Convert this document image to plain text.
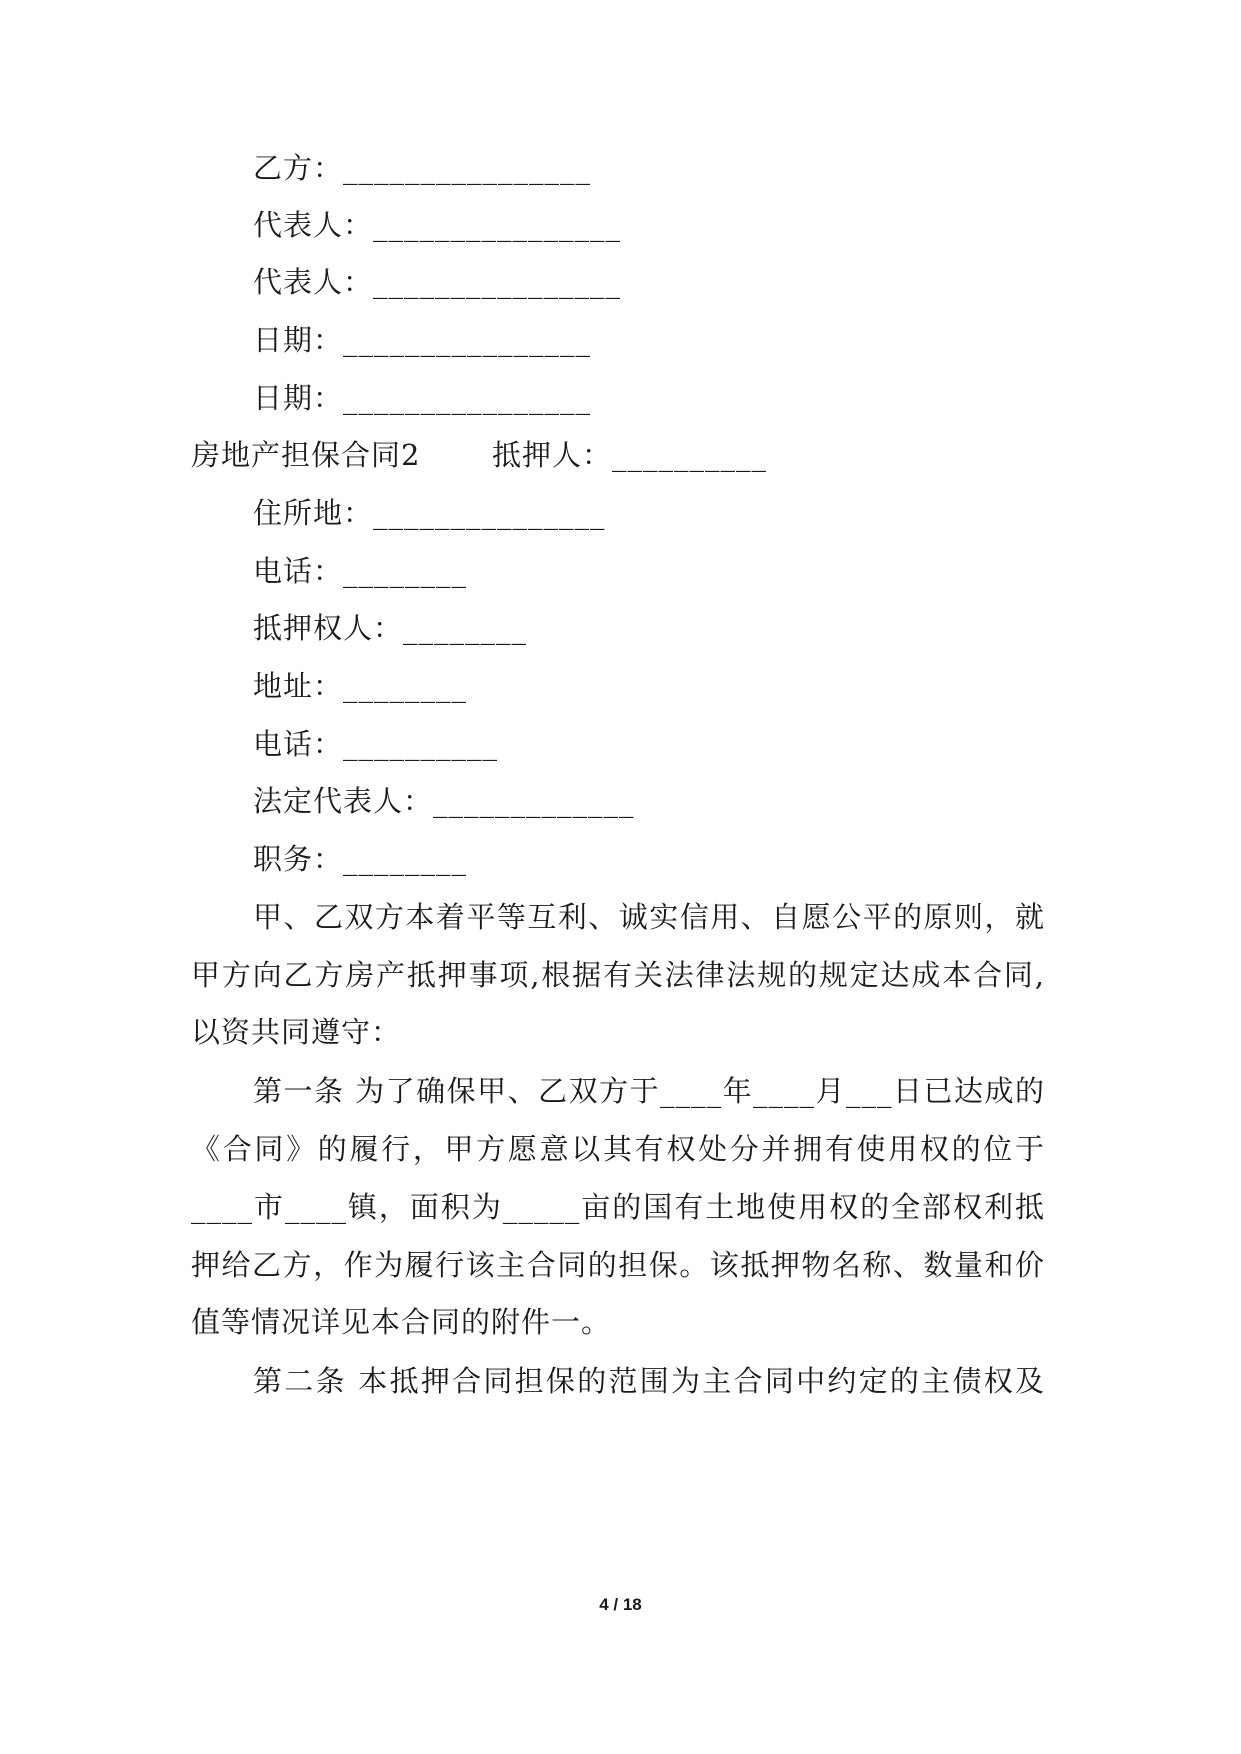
乙方：________________
代表人：________________
代表人：________________
日期：________________
日期：________________
房地产担保合同2 抵押人：__________
住所地：_______________
电话：________
抵押权人：________
地址：________
电话：__________
法定代表人：_____________
职务：________
甲、乙双方本着平等互利、诚实信用、自愿公平的原则，就
甲方向乙方房产抵押事项,根据有关法律法规的规定达成本合同,
以资共同遵守：
第一条 为了确保甲、乙双方于____年____月___日已达成的
《合同》的履行，甲方愿意以其有权处分并拥有使用权的位于
____市____镇，面积为_____亩的国有土地使用权的全部权利抵
押给乙方，作为履行该主合同的担保。该抵押物名称、数量和价
值等情况详见本合同的附件一。
第二条 本抵押合同担保的范围为主合同中约定的主债权及
4 / 18
